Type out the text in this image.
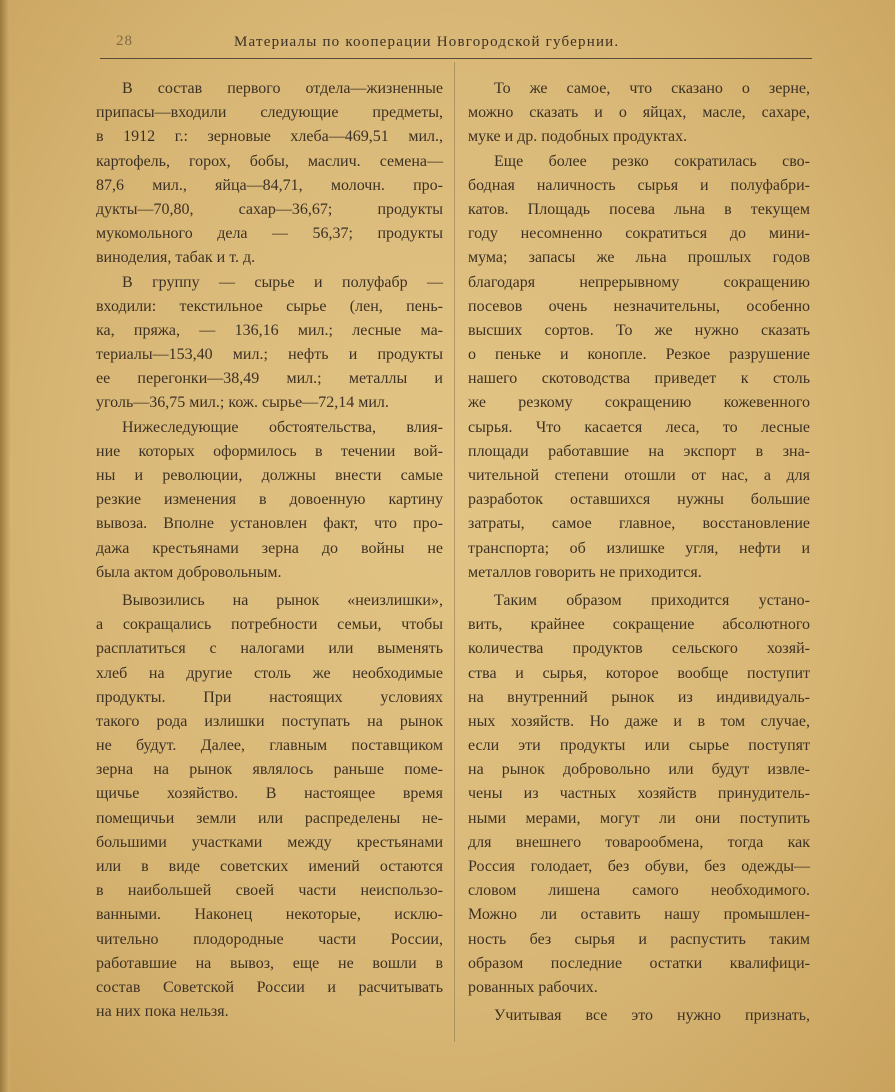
28	Материалы по кооперации Новгородской губернии.
В состав первого отдела—жизненные
припасы—входили следующие предметы,
в 1912 г.: зерновые хлеба—469,51 мил.,
картофель, горох, бобы, маслич. семена—
87,6 мил., яйца—84,71, молочн. про-
дукты—70,80, сахар—36,67; продукты
мукомольного дела — 56,37; продукты
виноделия, табак и т. д.
В группу — сырье и полуфабр —
входили: текстильное сырье (лен, пень-
ка, пряжа, — 136,16 мил.; лесные ма-
териалы—153,40 мил.; нефть и продукты
ее перегонки—38,49 мил.; металлы и
уголь—36,75 мил.; кож. сырье—72,14 мил.
Нижеследующие обстоятельства, влия-
ние которых оформилось в течении вой-
ны и революции, должны внести самые
резкие изменения в довоенную картину
вывоза. Вполне установлен факт, что про-
дажа крестьянами зерна до войны не
была актом добровольным.
Вывозились на рынок «неизлишки»,
а сокращались потребности семьи, чтобы
расплатиться с налогами или выменять
хлеб на другие столь же необходимые
продукты. При настоящих условиях
такого рода излишки поступать на рынок
не будут. Далее, главным поставщиком
зерна на рынок являлось раньше поме-
щичье хозяйство. В настоящее время
помещичьи земли или распределены не-
большими участками между крестьянами
или в виде советских имений остаются
в наибольшей своей части неиспользо-
ванными. Наконец некоторые, исклю-
чительно плодородные части России,
работавшие на вывоз, еще не вошли в
состав Советской России и расчитывать
на них пока нельзя.
То же самое, что сказано о зерне,
можно сказать и о яйцах, масле, сахаре,
муке и др. подобных продуктах.
Еще более резко сократилась сво-
бодная наличность сырья и полуфабри-
катов. Площадь посева льна в текущем
году несомненно сократиться до мини-
мума; запасы же льна прошлых годов
благодаря непрерывному сокращению
посевов очень незначительны, особенно
высших сортов. То же нужно сказать
о пеньке и конопле. Резкое разрушение
нашего скотоводства приведет к столь
же резкому сокращению кожевенного
сырья. Что касается леса, то лесные
площади работавшие на экспорт в зна-
чительной степени отошли от нас, а для
разработок оставшихся нужны большие
затраты, самое главное, восстановление
транспорта; об излишке угля, нефти и
металлов говорить не приходится.
Таким образом приходится устано-
вить, крайнее сокращение абсолютного
количества продуктов сельского хозяй-
ства и сырья, которое вообще поступит
на внутренний рынок из индивидуаль-
ных хозяйств. Но даже и в том случае,
если эти продукты или сырье поступят
на рынок добровольно или будут извле-
чены из частных хозяйств принудитель-
ными мерами, могут ли они поступить
для внешнего товарообмена, тогда как
Россия голодает, без обуви, без одежды—
словом лишена самого необходимого.
Можно ли оставить нашу промышлен-
ность без сырья и распустить таким
образом последние остатки квалифици-
рованных рабочих.
Учитывая все это нужно признать,
